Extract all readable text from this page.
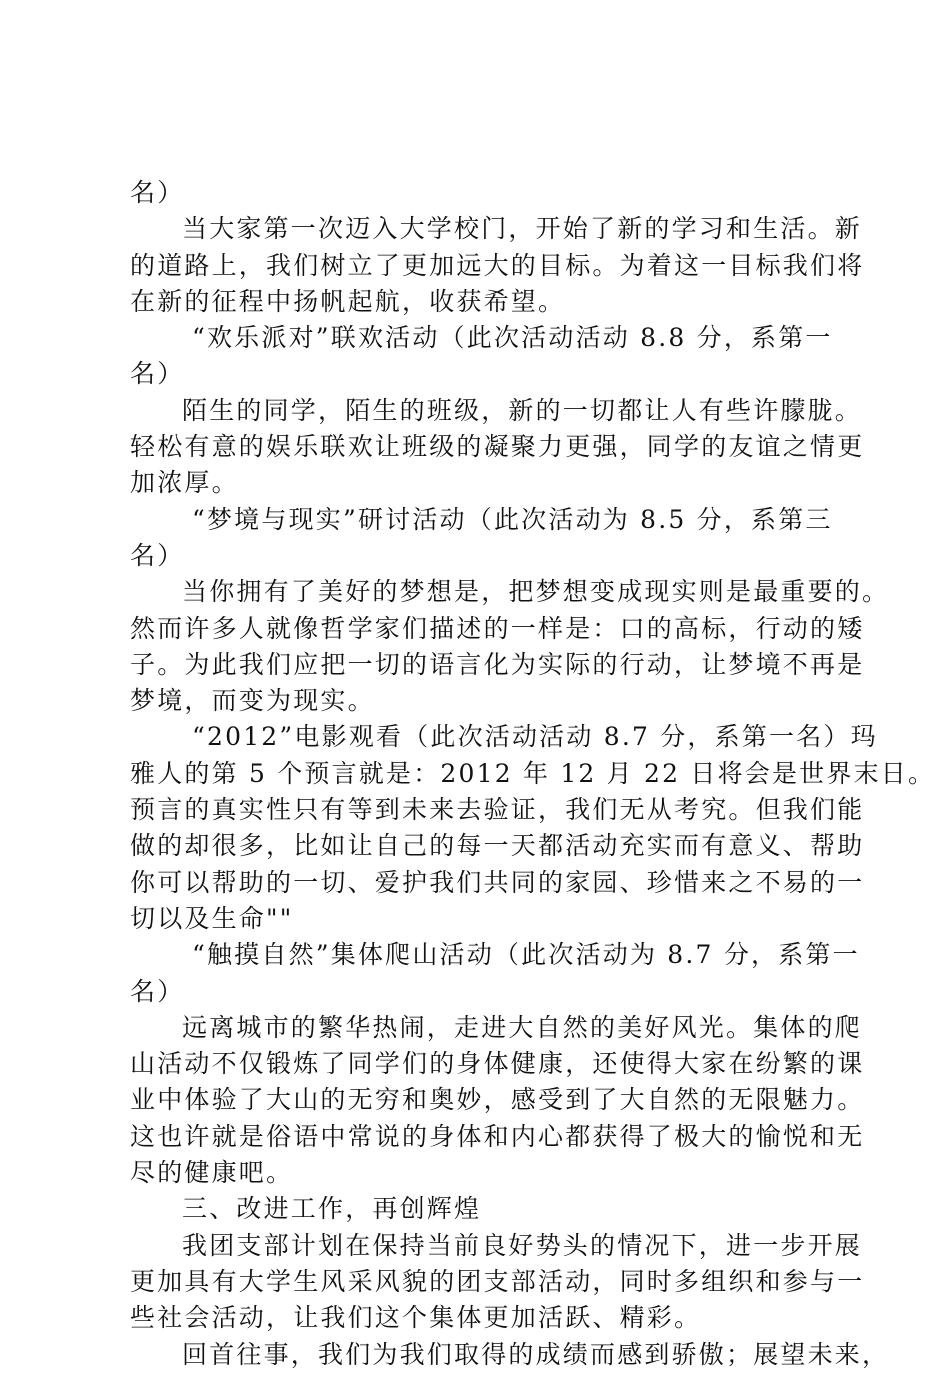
名）
当大家第一次迈入大学校门，开始了新的学习和生活。新
的道路上，我们树立了更加远大的目标。为着这一目标我们将
在新的征程中扬帆起航，收获希望。
“欢乐派对”联欢活动（此次活动活动 8.8 分，系第一
名）
陌生的同学，陌生的班级，新的一切都让人有些许朦胧。
轻松有意的娱乐联欢让班级的凝聚力更强，同学的友谊之情更
加浓厚。
“梦境与现实”研讨活动（此次活动为 8.5 分，系第三
名）
当你拥有了美好的梦想是，把梦想变成现实则是最重要的。
然而许多人就像哲学家们描述的一样是：口的高标，行动的矮
子。为此我们应把一切的语言化为实际的行动，让梦境不再是
梦境，而变为现实。
“2012”电影观看（此次活动活动 8.7 分，系第一名）玛
雅人的第 5 个预言就是：2012 年 12 月 22 日将会是世界末日。
预言的真实性只有等到未来去验证，我们无从考究。但我们能
做的却很多，比如让自己的每一天都活动充实而有意义、帮助
你可以帮助的一切、爱护我们共同的家园、珍惜来之不易的一
切以及生命""
“触摸自然”集体爬山活动（此次活动为 8.7 分，系第一
名）
远离城市的繁华热闹，走进大自然的美好风光。集体的爬
山活动不仅锻炼了同学们的身体健康，还使得大家在纷繁的课
业中体验了大山的无穷和奥妙，感受到了大自然的无限魅力。
这也许就是俗语中常说的身体和内心都获得了极大的愉悦和无
尽的健康吧。
三、改进工作，再创辉煌
我团支部计划在保持当前良好势头的情况下，进一步开展
更加具有大学生风采风貌的团支部活动，同时多组织和参与一
些社会活动，让我们这个集体更加活跃、精彩。
回首往事，我们为我们取得的成绩而感到骄傲；展望未来，
